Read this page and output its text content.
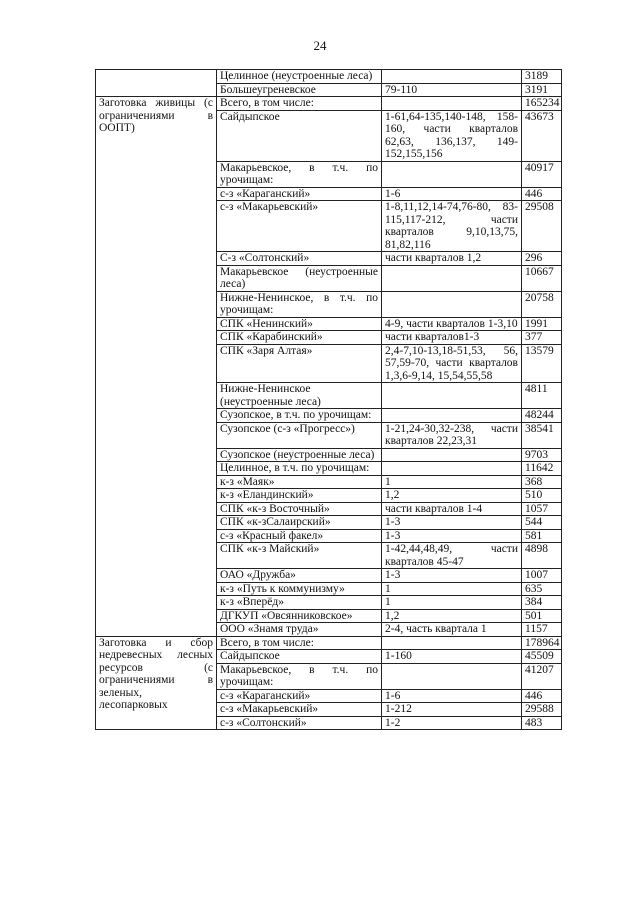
24
	Целинное (неустроенные леса)		3189
	Большеугреневское	79-110	3191
Заготовка живицы (с ограничениями в ООПТ)	Всего, в том числе:		165234
	Сайдыпское	1-61,64-135,140-148, 158-160, части кварталов 62,63, 136,137, 149-152,155,156	43673
	Макарьевское, в т.ч. по урочищам:		40917
	с-з «Караганский»	1-6	446
	с-з «Макарьевский»	1-8,11,12,14-74,76-80, 83-115,117-212, части кварталов 9,10,13,75, 81,82,116	29508
	С-з «Солтонский»	части кварталов 1,2	296
	Макарьевское (неустроенные леса)		10667
	Нижне-Ненинское, в т.ч. по урочищам:		20758
	СПК «Ненинский»	4-9, части кварталов 1-3,10	1991
	СПК «Карабинский»	части кварталов1-3	377
	СПК «Заря Алтая»	2,4-7,10-13,18-51,53, 56, 57,59-70, части кварталов 1,3,6-9,14, 15,54,55,58	13579
	Нижне-Ненинское (неустроенные леса)		4811
	Сузопское, в т.ч. по урочищам:		48244
	Сузопское (с-з «Прогресс»)	1-21,24-30,32-238, части кварталов 22,23,31	38541
	Сузопское (неустроенные леса)		9703
	Целинное, в т.ч. по урочищам:		11642
	к-з «Маяк»	1	368
	к-з «Еландинский»	1,2	510
	СПК «к-з Восточный»	части кварталов 1-4	1057
	СПК «к-зСалаирский»	1-3	544
	с-з «Красный факел»	1-3	581
	СПК «к-з Майский»	1-42,44,48,49, части кварталов 45-47	4898
	ОАО «Дружба»	1-3	1007
	к-з «Путь к коммунизму»	1	635
	к-з «Вперёд»	1	384
	ДГКУП «Овсянниковское»	1,2	501
	ООО «Знамя труда»	2-4, часть квартала 1	1157
Заготовка и сбор недревесных лесных ресурсов (с ограничениями в зеленых, лесопарковых	Всего, в том числе:		178964
	Сайдыпское	1-160	45509
	Макарьевское, в т.ч. по урочищам:		41207
	с-з «Караганский»	1-6	446
	с-з «Макарьевский»	1-212	29588
	с-з «Солтонский»	1-2	483
